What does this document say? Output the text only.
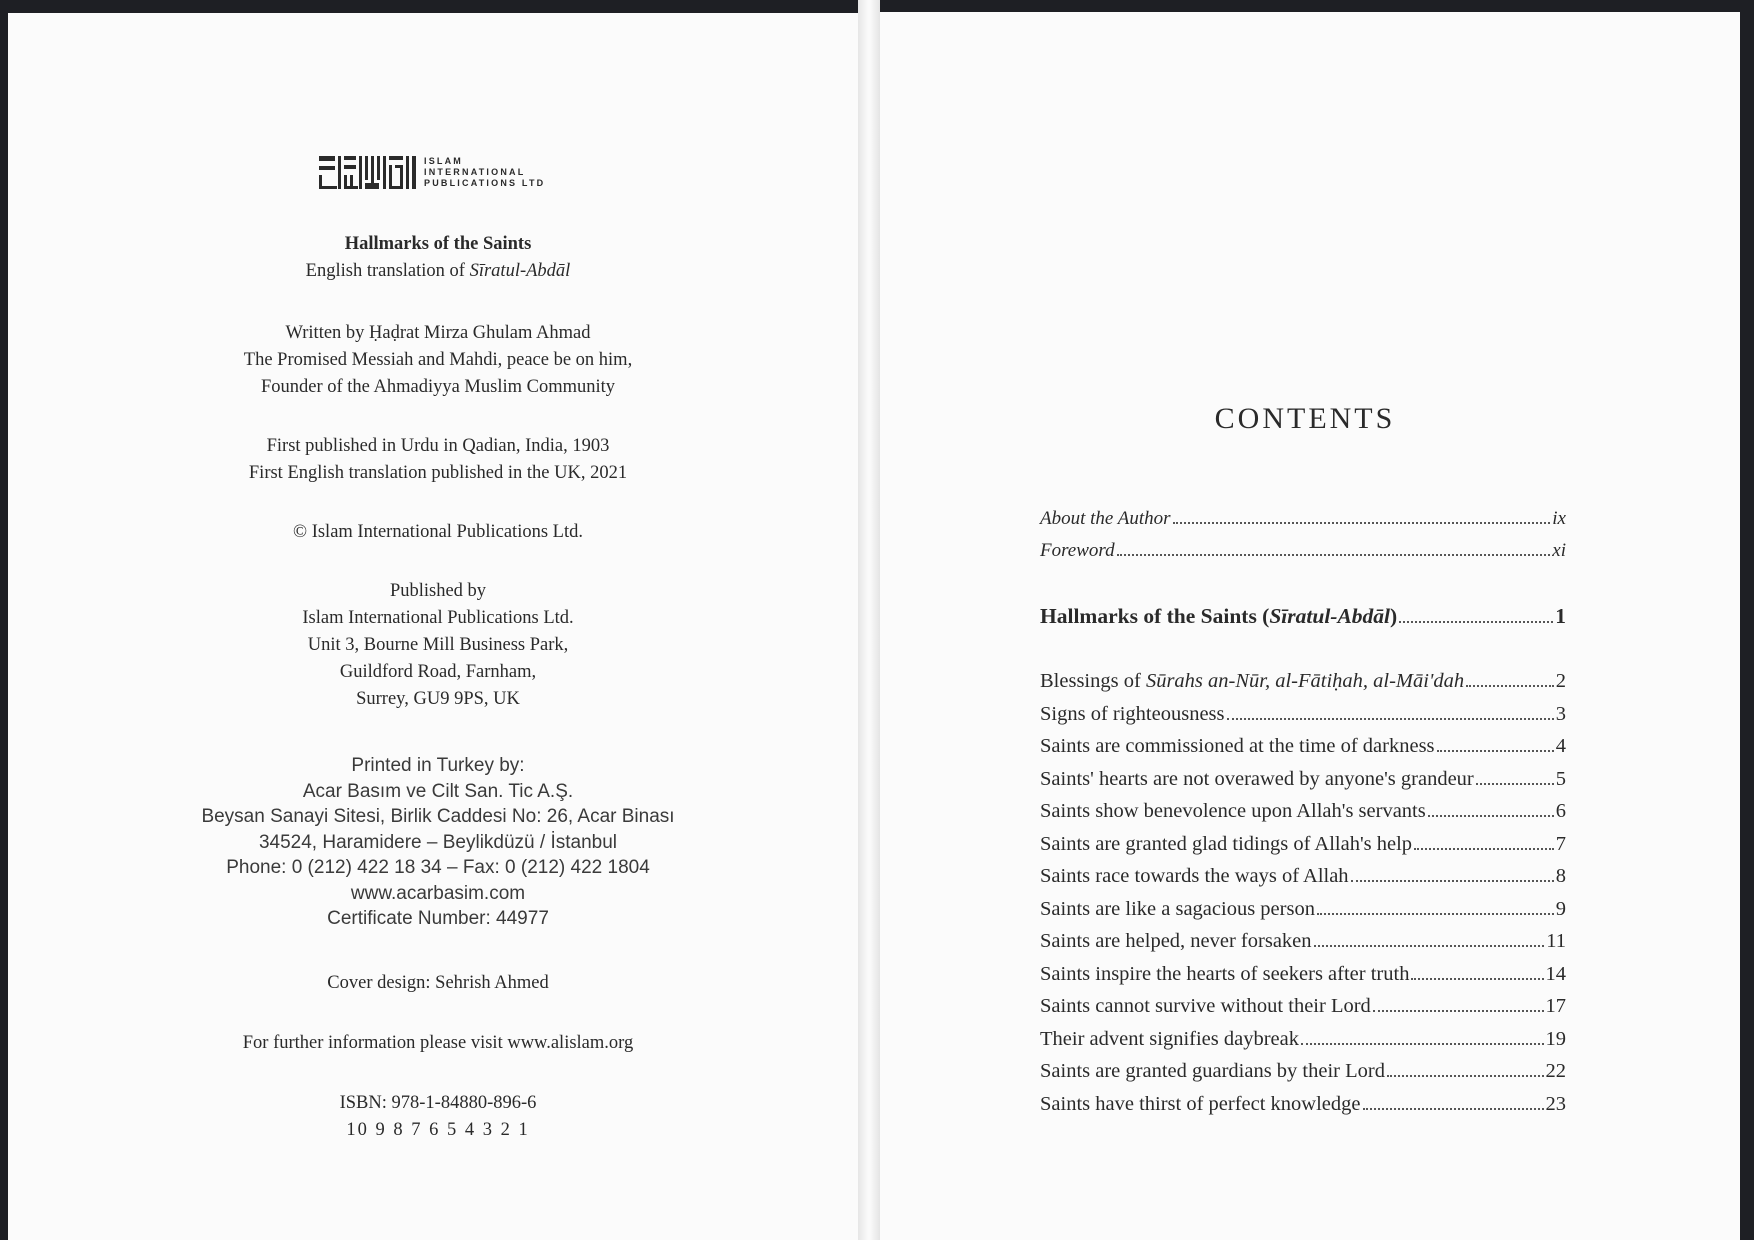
ISLAM
INTERNATIONAL
PUBLICATIONS LTD
Hallmarks of the Saints
English translation of Sīratul-Abdāl
Written by Ḥaḍrat Mirza Ghulam Ahmad
The Promised Messiah and Mahdi, peace be on him,
Founder of the Ahmadiyya Muslim Community
First published in Urdu in Qadian, India, 1903
First English translation published in the UK, 2021
© Islam International Publications Ltd.
Published by
Islam International Publications Ltd.
Unit 3, Bourne Mill Business Park,
Guildford Road, Farnham,
Surrey, GU9 9PS, UK
Printed in Turkey by:
Acar Basım ve Cilt San. Tic A.Ş.
Beysan Sanayi Sitesi, Birlik Caddesi No: 26, Acar Binası
34524, Haramidere – Beylikdüzü / İstanbul
Phone: 0 (212) 422 18 34 – Fax: 0 (212) 422 1804
www.acarbasim.com
Certificate Number: 44977
Cover design: Sehrish Ahmed
For further information please visit www.alislam.org
ISBN: 978-1-84880-896-6
10 9 8 7 6 5 4 3 2 1
CONTENTS
About the Author	ix
Foreword	xi
Hallmarks of the Saints (Sīratul-Abdāl)	1
Blessings of Sūrahs an-Nūr, al-Fātiḥah, al-Māi'dah	2
Signs of righteousness	3
Saints are commissioned at the time of darkness	4
Saints' hearts are not overawed by anyone's grandeur	5
Saints show benevolence upon Allah's servants	6
Saints are granted glad tidings of Allah's help	7
Saints race towards the ways of Allah	8
Saints are like a sagacious person	9
Saints are helped, never forsaken	11
Saints inspire the hearts of seekers after truth	14
Saints cannot survive without their Lord	17
Their advent signifies daybreak	19
Saints are granted guardians by their Lord	22
Saints have thirst of perfect knowledge	23
